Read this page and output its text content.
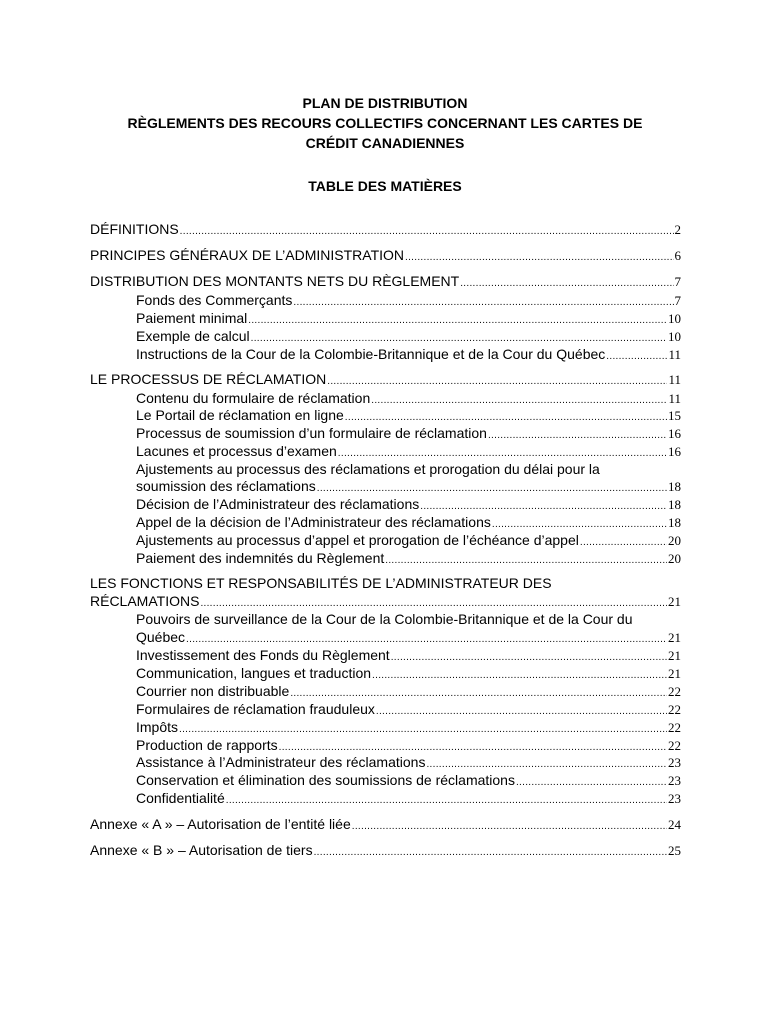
PLAN DE DISTRIBUTION
RÈGLEMENTS DES RECOURS COLLECTIFS CONCERNANT LES CARTES DE
CRÉDIT CANADIENNES
TABLE DES MATIÈRES
DÉFINITIONS .....	2
PRINCIPES GÉNÉRAUX DE L’ADMINISTRATION .....	6
DISTRIBUTION DES MONTANTS NETS DU RÈGLEMENT .....	7
Fonds des Commerçants .....	7
Paiement minimal .....	10
Exemple de calcul .....	10
Instructions de la Cour de la Colombie-Britannique et de la Cour du Québec .....	11
LE PROCESSUS DE RÉCLAMATION .....	11
Contenu du formulaire de réclamation .....	11
Le Portail de réclamation en ligne .....	15
Processus de soumission d’un formulaire de réclamation .....	16
Lacunes et processus d’examen .....	16
Ajustements au processus des réclamations et prorogation du délai pour la
soumission des réclamations .....	18
Décision de l’Administrateur des réclamations .....	18
Appel de la décision de l’Administrateur des réclamations .....	18
Ajustements au processus d’appel et prorogation de l’échéance d’appel .....	20
Paiement des indemnités du Règlement .....	20
LES FONCTIONS ET RESPONSABILITÉS DE L’ADMINISTRATEUR DES
RÉCLAMATIONS .....	21
Pouvoirs de surveillance de la Cour de la Colombie-Britannique et de la Cour du
Québec .....	21
Investissement des Fonds du Règlement .....	21
Communication, langues et traduction .....	21
Courrier non distribuable .....	22
Formulaires de réclamation frauduleux .....	22
Impôts .....	22
Production de rapports .....	22
Assistance à l’Administrateur des réclamations .....	23
Conservation et élimination des soumissions de réclamations .....	23
Confidentialité .....	23
Annexe « A » – Autorisation de l’entité liée .....	24
Annexe « B » – Autorisation de tiers .....	25
